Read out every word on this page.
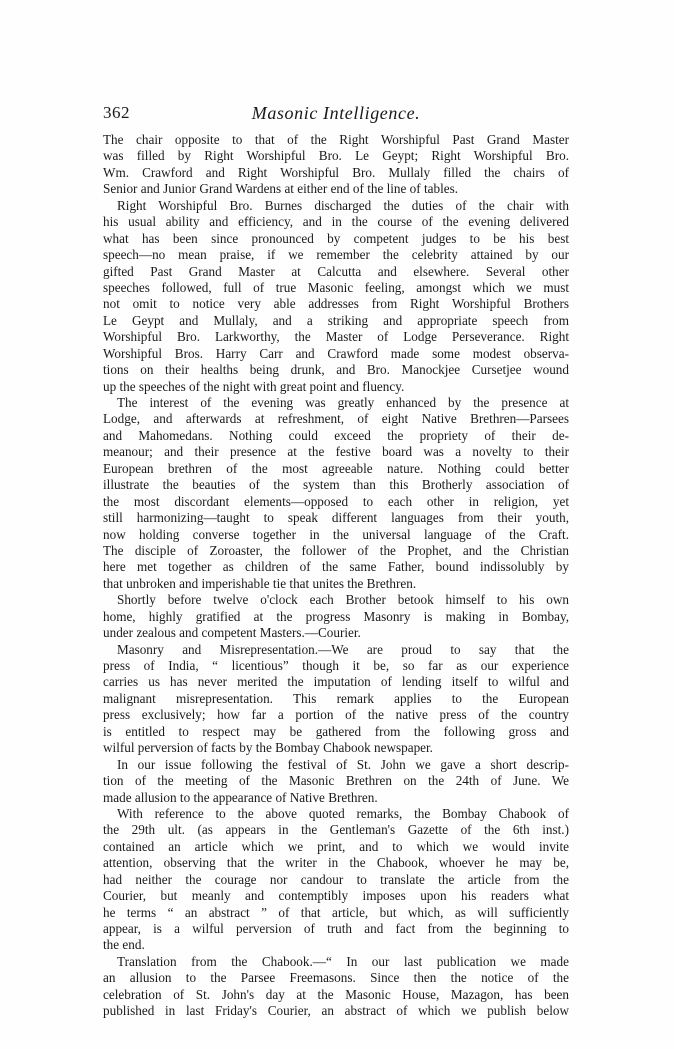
362	Masonic Intelligence.
The chair opposite to that of the Right Worshipful Past Grand Master
was filled by Right Worshipful Bro. Le Geypt; Right Worshipful Bro.
Wm. Crawford and Right Worshipful Bro. Mullaly filled the chairs of
Senior and Junior Grand Wardens at either end of the line of tables.
Right Worshipful Bro. Burnes discharged the duties of the chair with
his usual ability and efficiency, and in the course of the evening delivered
what has been since pronounced by competent judges to be his best
speech—no mean praise, if we remember the celebrity attained by our
gifted Past Grand Master at Calcutta and elsewhere. Several other
speeches followed, full of true Masonic feeling, amongst which we must
not omit to notice very able addresses from Right Worshipful Brothers
Le Geypt and Mullaly, and a striking and appropriate speech from
Worshipful Bro. Larkworthy, the Master of Lodge Perseverance. Right
Worshipful Bros. Harry Carr and Crawford made some modest observa-
tions on their healths being drunk, and Bro. Manockjee Cursetjee wound
up the speeches of the night with great point and fluency.
The interest of the evening was greatly enhanced by the presence at
Lodge, and afterwards at refreshment, of eight Native Brethren—Parsees
and Mahomedans. Nothing could exceed the propriety of their de-
meanour; and their presence at the festive board was a novelty to their
European brethren of the most agreeable nature. Nothing could better
illustrate the beauties of the system than this Brotherly association of
the most discordant elements—opposed to each other in religion, yet
still harmonizing—taught to speak different languages from their youth,
now holding converse together in the universal language of the Craft.
The disciple of Zoroaster, the follower of the Prophet, and the Christian
here met together as children of the same Father, bound indissolubly by
that unbroken and imperishable tie that unites the Brethren.
Shortly before twelve o'clock each Brother betook himself to his own
home, highly gratified at the progress Masonry is making in Bombay,
under zealous and competent Masters.—Courier.
Masonry and Misrepresentation.—We are proud to say that the
press of India, “ licentious” though it be, so far as our experience
carries us has never merited the imputation of lending itself to wilful and
malignant misrepresentation. This remark applies to the European
press exclusively; how far a portion of the native press of the country
is entitled to respect may be gathered from the following gross and
wilful perversion of facts by the Bombay Chabook newspaper.
In our issue following the festival of St. John we gave a short descrip-
tion of the meeting of the Masonic Brethren on the 24th of June. We
made allusion to the appearance of Native Brethren.
With reference to the above quoted remarks, the Bombay Chabook of
the 29th ult. (as appears in the Gentleman's Gazette of the 6th inst.)
contained an article which we print, and to which we would invite
attention, observing that the writer in the Chabook, whoever he may be,
had neither the courage nor candour to translate the article from the
Courier, but meanly and contemptibly imposes upon his readers what
he terms “ an abstract ” of that article, but which, as will sufficiently
appear, is a wilful perversion of truth and fact from the beginning to
the end.
Translation from the Chabook.—“ In our last publication we made
an allusion to the Parsee Freemasons. Since then the notice of the
celebration of St. John's day at the Masonic House, Mazagon, has been
published in last Friday's Courier, an abstract of which we publish below
